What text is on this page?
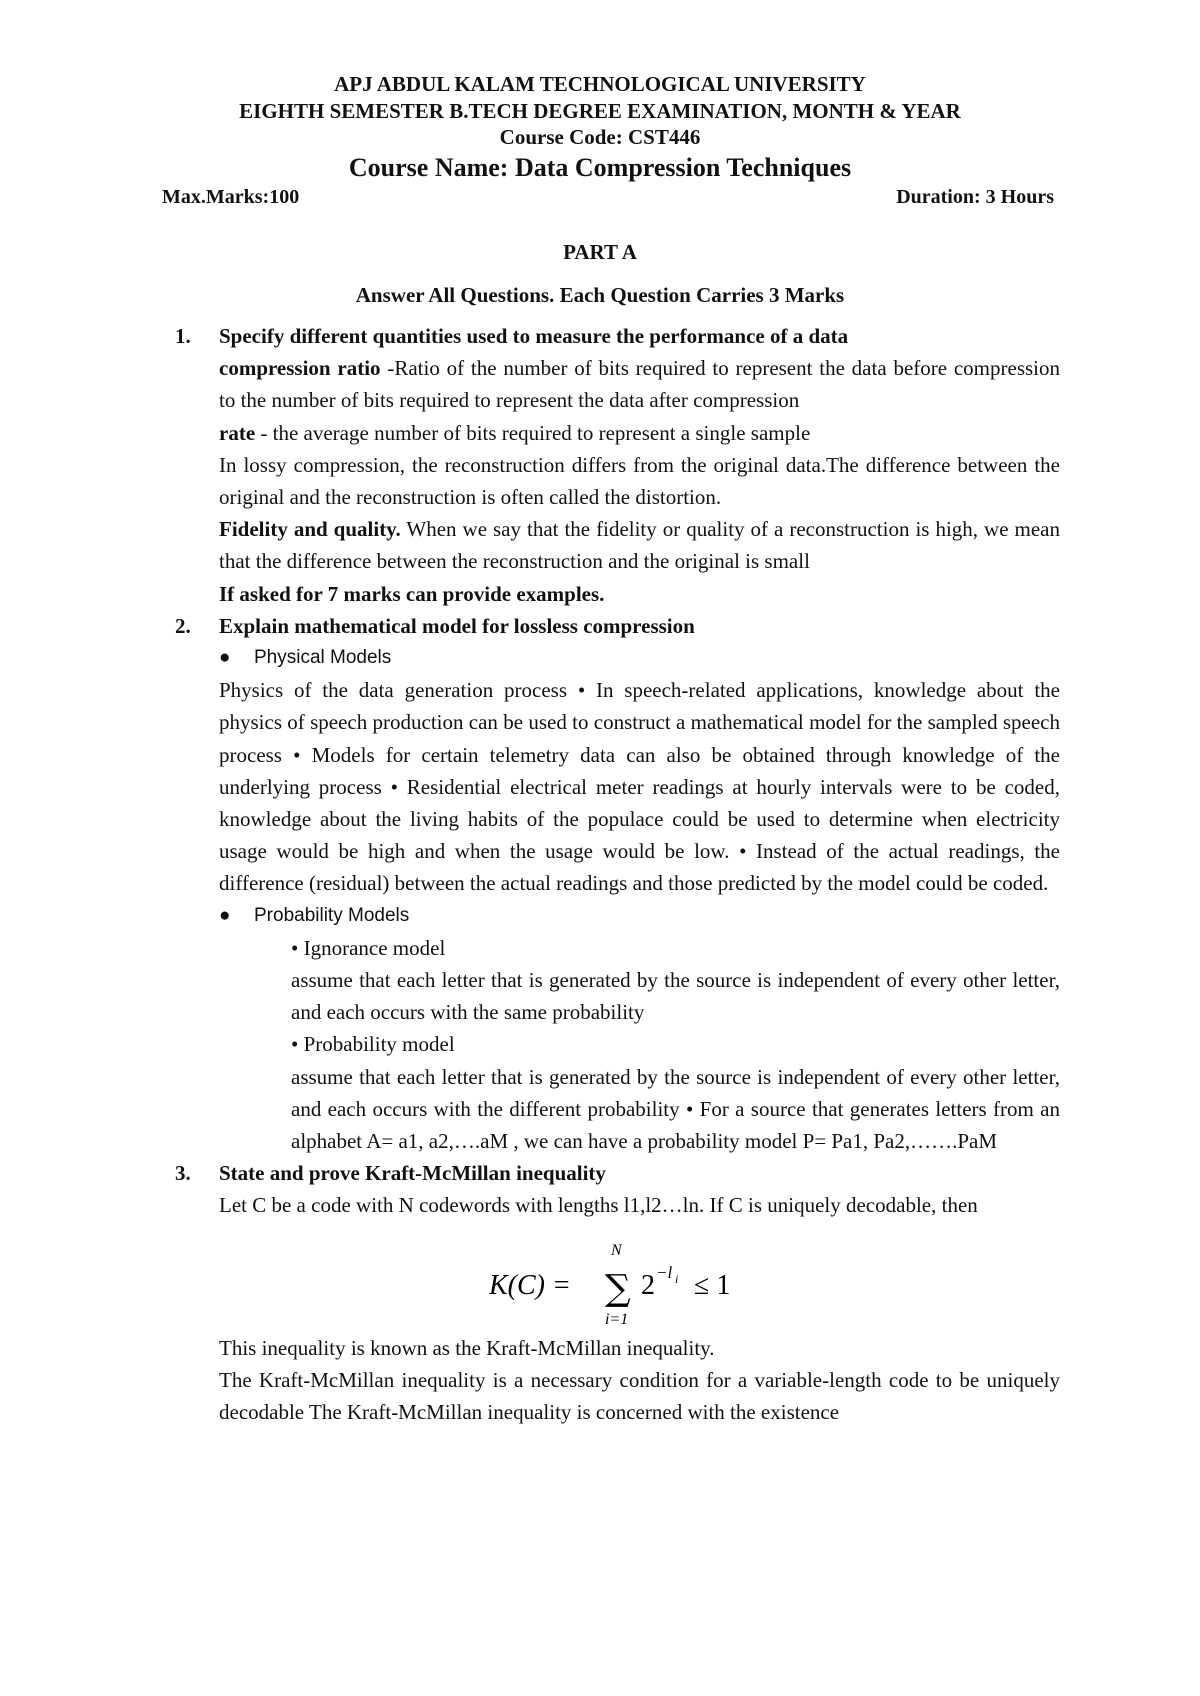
APJ ABDUL KALAM TECHNOLOGICAL UNIVERSITY
EIGHTH SEMESTER B.TECH DEGREE EXAMINATION, MONTH & YEAR
Course Code: CST446
Course Name: Data Compression Techniques
Max.Marks:100	Duration: 3 Hours
PART A
Answer All Questions. Each Question Carries 3 Marks
1. Specify different quantities used to measure the performance of a data
compression ratio -Ratio of the number of bits required to represent the data before compression to the number of bits required to represent the data after compression
rate - the average number of bits required to represent a single sample
In lossy compression, the reconstruction differs from the original data.The difference between the original and the reconstruction is often called the distortion.
Fidelity and quality. When we say that the fidelity or quality of a reconstruction is high, we mean that the difference between the reconstruction and the original is small
If asked for 7 marks can provide examples.
2. Explain mathematical model for lossless compression
● Physical Models
Physics of the data generation process • In speech-related applications, knowledge about the physics of speech production can be used to construct a mathematical model for the sampled speech process • Models for certain telemetry data can also be obtained through knowledge of the underlying process • Residential electrical meter readings at hourly intervals were to be coded, knowledge about the living habits of the populace could be used to determine when electricity usage would be high and when the usage would be low. • Instead of the actual readings, the difference (residual) between the actual readings and those predicted by the model could be coded.
● Probability Models
• Ignorance model
assume that each letter that is generated by the source is independent of every other letter, and each occurs with the same probability
• Probability model
assume that each letter that is generated by the source is independent of every other letter, and each occurs with the different probability • For a source that generates letters from an alphabet A= a1, a2,….aM , we can have a probability model P= Pa1, Pa2,…….PaM
3. State and prove Kraft-McMillan inequality
Let C be a code with N codewords with lengths l1,l2…ln. If C is uniquely decodable, then
K(C) =
N
∑
i=1
2 −l i ≤ 1
This inequality is known as the Kraft-McMillan inequality.
The Kraft-McMillan inequality is a necessary condition for a variable-length code to be uniquely decodable The Kraft-McMillan inequality is concerned with the existence
